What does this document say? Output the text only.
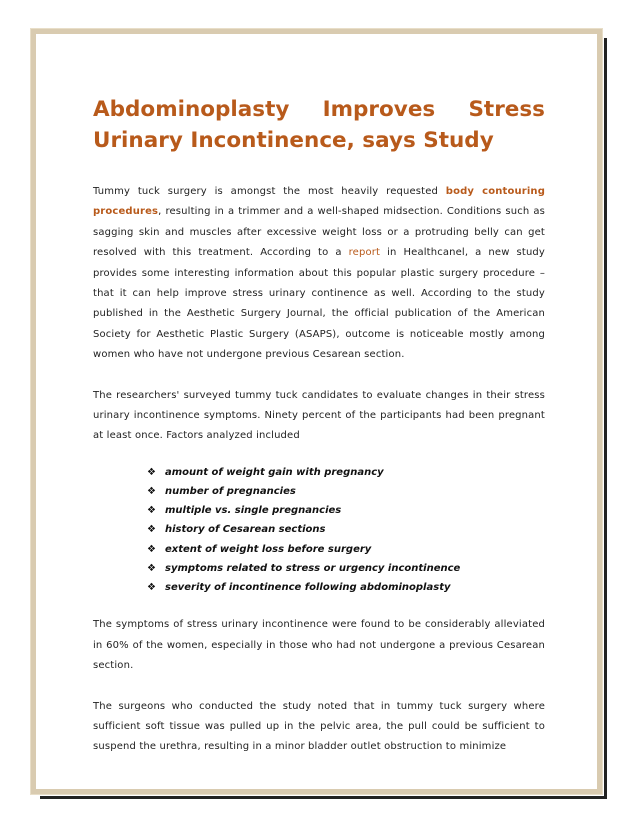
Abdominoplasty Improves Stress
Urinary Incontinence, says Study

Tummy tuck surgery is amongst the most heavily requested body contouring procedures, resulting in a trimmer and a well-shaped midsection. Conditions such as sagging skin and muscles after excessive weight loss or a protruding belly can get resolved with this treatment. According to a report in Healthcanel, a new study provides some interesting information about this popular plastic surgery procedure – that it can help improve stress urinary continence as well. According to the study published in the Aesthetic Surgery Journal, the official publication of the American Society for Aesthetic Plastic Surgery (ASAPS), outcome is noticeable mostly among women who have not undergone previous Cesarean section.

The researchers' surveyed tummy tuck candidates to evaluate changes in their stress urinary incontinence symptoms. Ninety percent of the participants had been pregnant at least once. Factors analyzed included

❖ amount of weight gain with pregnancy
❖ number of pregnancies
❖ multiple vs. single pregnancies
❖ history of Cesarean sections
❖ extent of weight loss before surgery
❖ symptoms related to stress or urgency incontinence
❖ severity of incontinence following abdominoplasty

The symptoms of stress urinary incontinence were found to be considerably alleviated in 60% of the women, especially in those who had not undergone a previous Cesarean section.

The surgeons who conducted the study noted that in tummy tuck surgery where sufficient soft tissue was pulled up in the pelvic area, the pull could be sufficient to suspend the urethra, resulting in a minor bladder outlet obstruction to minimize
